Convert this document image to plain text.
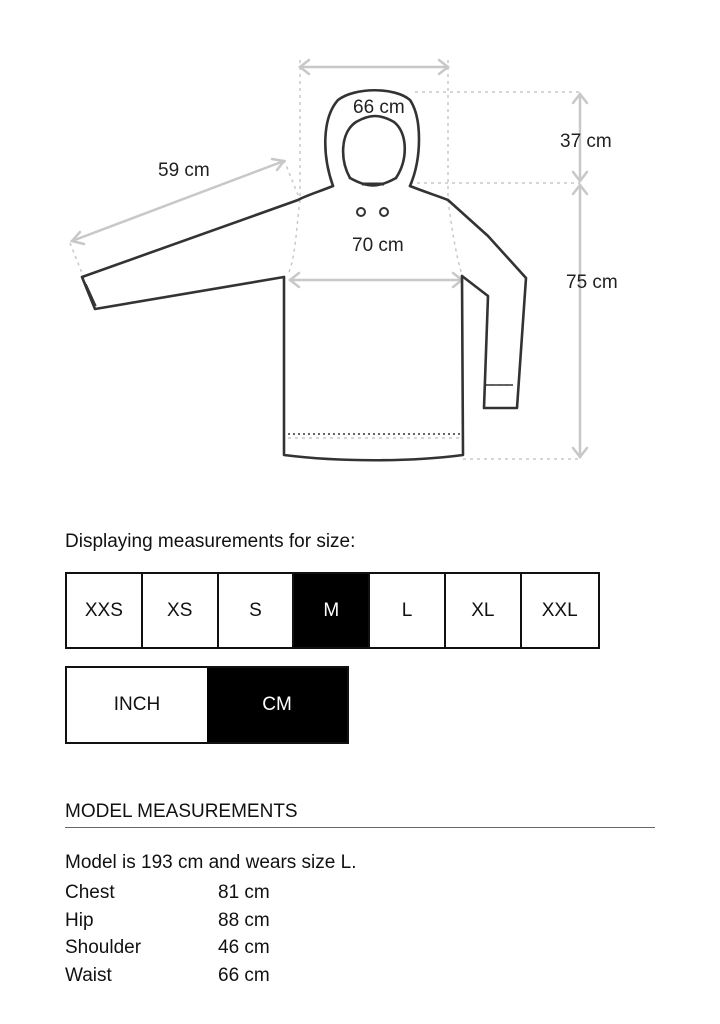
66 cm
37 cm
59 cm
70 cm
75 cm
Displaying measurements for size:
XXS	XS	S	M	L	XL	XXL
INCH	CM
MODEL MEASUREMENTS
Model is 193 cm and wears size L.
Chest	81 cm
Hip	88 cm
Shoulder	46 cm
Waist	66 cm
